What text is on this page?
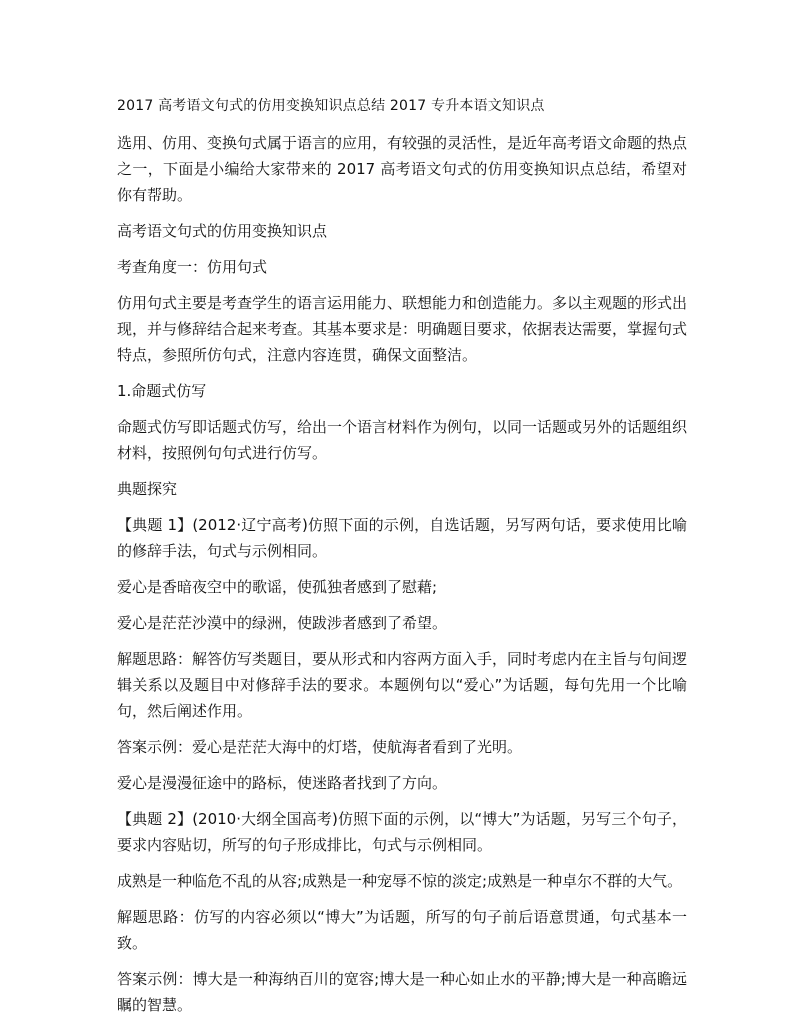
2017 高考语文句式的仿用变换知识点总结 2017 专升本语文知识点

选用、仿用、变换句式属于语言的应用，有较强的灵活性，是近年高考语文命题的热点之一，下面是小编给大家带来的 2017 高考语文句式的仿用变换知识点总结，希望对你有帮助。

高考语文句式的仿用变换知识点

考查角度一：仿用句式

仿用句式主要是考查学生的语言运用能力、联想能力和创造能力。多以主观题的形式出现，并与修辞结合起来考查。其基本要求是：明确题目要求，依据表达需要，掌握句式特点，参照所仿句式，注意内容连贯，确保文面整洁。

1.命题式仿写

命题式仿写即话题式仿写，给出一个语言材料作为例句，以同一话题或另外的话题组织材料，按照例句句式进行仿写。

典题探究

【典题 1】(2012·辽宁高考)仿照下面的示例，自选话题，另写两句话，要求使用比喻的修辞手法，句式与示例相同。

爱心是香暗夜空中的歌谣，使孤独者感到了慰藉;

爱心是茫茫沙漠中的绿洲，使跋涉者感到了希望。

解题思路：解答仿写类题目，要从形式和内容两方面入手，同时考虑内在主旨与句间逻辑关系以及题目中对修辞手法的要求。本题例句以“爱心”为话题，每句先用一个比喻句，然后阐述作用。

答案示例：爱心是茫茫大海中的灯塔，使航海者看到了光明。

爱心是漫漫征途中的路标，使迷路者找到了方向。

【典题 2】(2010·大纲全国高考)仿照下面的示例，以“博大”为话题，另写三个句子，要求内容贴切，所写的句子形成排比，句式与示例相同。

成熟是一种临危不乱的从容;成熟是一种宠辱不惊的淡定;成熟是一种卓尔不群的大气。

解题思路：仿写的内容必须以“博大”为话题，所写的句子前后语意贯通，句式基本一致。

答案示例：博大是一种海纳百川的宽容;博大是一种心如止水的平静;博大是一种高瞻远瞩的智慧。
